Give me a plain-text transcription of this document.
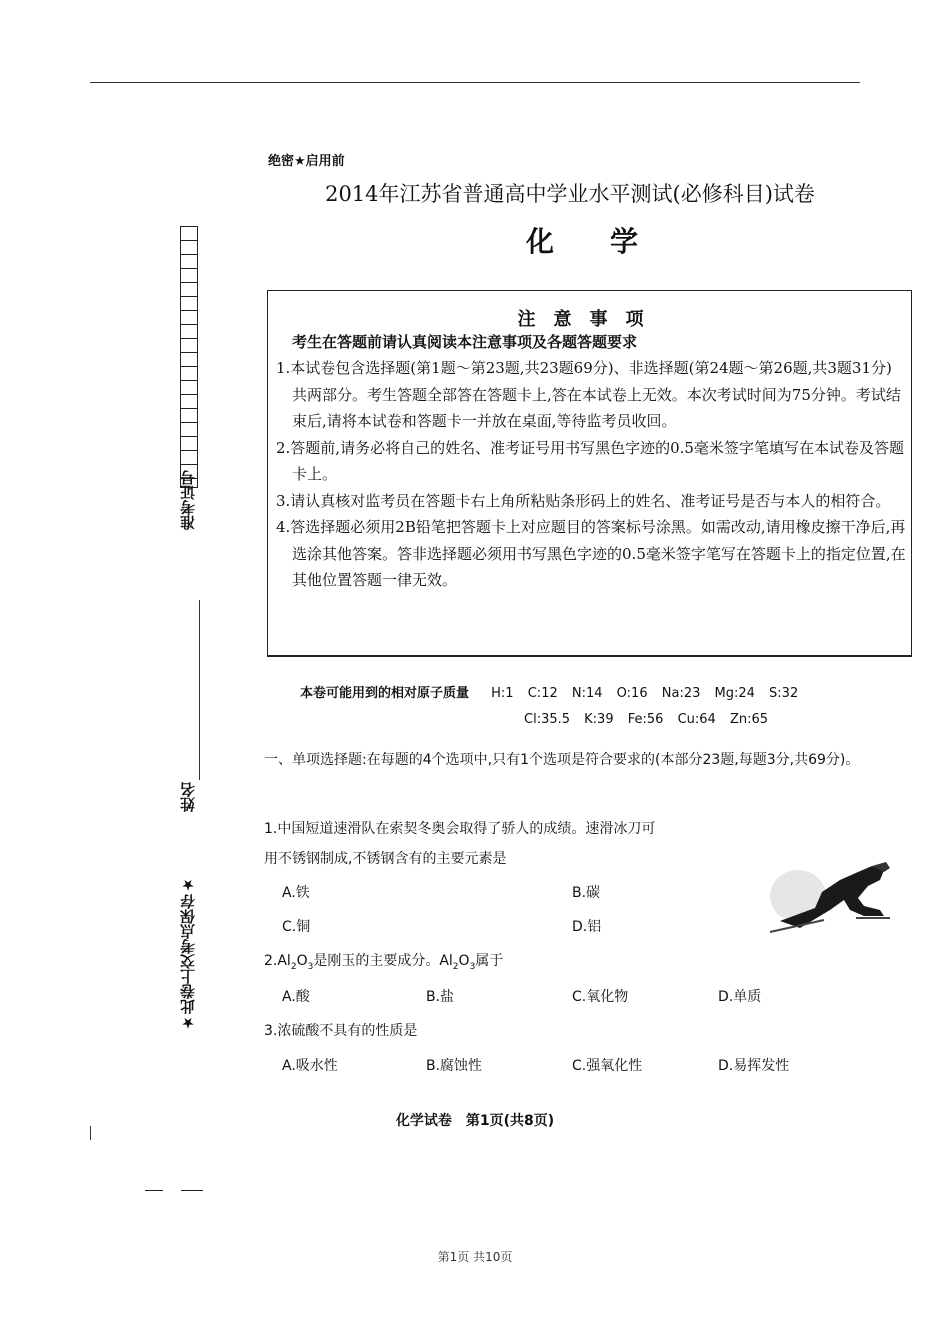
准考证号
姓名
★此卷上交考点保存★
绝密★启用前
2014年江苏省普通高中学业水平测试(必修科目)试卷
化学
注意事项
考生在答题前请认真阅读本注意事项及各题答题要求

1.本试卷包含选择题(第1题～第23题,共23题69分)、非选择题(第24题～第26题,共3题31分)共两部分。考生答题全部答在答题卡上,答在本试卷上无效。本次考试时间为75分钟。考试结束后,请将本试卷和答题卡一并放在桌面,等待监考员收回。

2.答题前,请务必将自己的姓名、准考证号用书写黑色字迹的0.5毫米签字笔填写在本试卷及答题卡上。

3.请认真核对监考员在答题卡右上角所粘贴条形码上的姓名、准考证号是否与本人的相符合。

4.答选择题必须用2B铅笔把答题卡上对应题目的答案标号涂黑。如需改动,请用橡皮擦干净后,再选涂其他答案。答非选择题必须用书写黑色字迹的0.5毫米签字笔写在答题卡上的指定位置,在其他位置答题一律无效。

本卷可能用到的相对原子质量 H:1 C:12 N:14 O:16 Na:23 Mg:24 S:32
Cl:35.5 K:39 Fe:56 Cu:64 Zn:65
一、单项选择题:在每题的4个选项中,只有1个选项是符合要求的(本部分23题,每题3分,共69分)。
1.中国短道速滑队在索契冬奥会取得了骄人的成绩。速滑冰刀可用不锈钢制成,不锈钢含有的主要元素是
A.铁	B.碳
C.铜	D.铝
$2.Al_2O_3$是刚玉的主要成分。$Al_2O_3$属于
A.酸	B.盐	C.氧化物	D.单质
3.浓硫酸不具有的性质是
A.吸水性	B.腐蚀性	C.强氧化性	D.易挥发性
化学试卷　第1页(共8页)
第1页 共10页
